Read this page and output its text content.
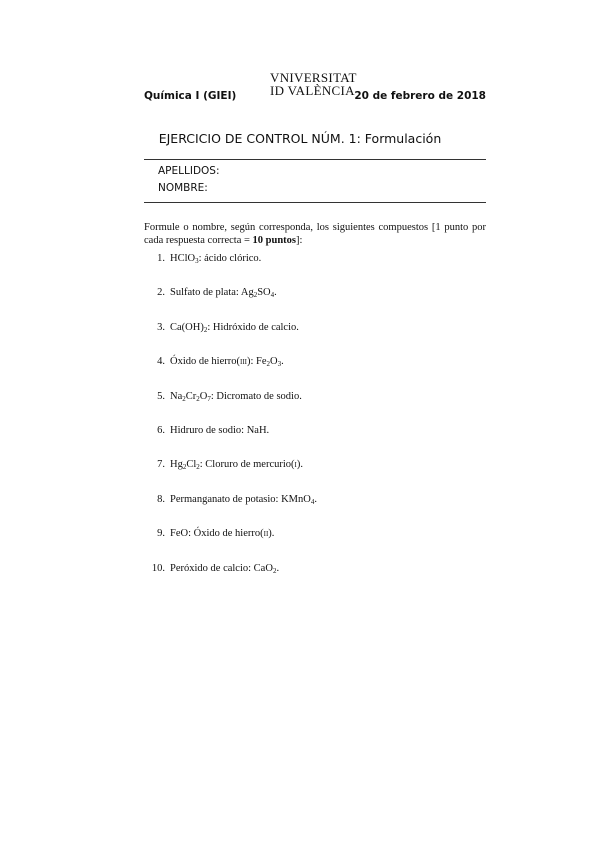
Química I (GIEI)
VNIVERSITAT
ID VALÈNCIA 20 de febrero de 2018
EJERCICIO DE CONTROL NÚM. 1: Formulación
APELLIDOS:
NOMBRE:
Formule o nombre, según corresponda, los siguientes compuestos [1 punto por cada respuesta correcta = 10 puntos]:
1. HClO$_3$: ácido clórico.
2. Sulfato de plata: $Ag_2SO_4$.
3. $Ca(OH)_2$: Hidróxido de calcio.
4. Óxido de hierro(iii): $Fe_2O_3$.
5. $Na_2Cr_2O_7$: Dicromato de sodio.
6. Hidruro de sodio: NaH.
7. $Hg_2Cl_2$: Cloruro de mercurio(i).
8. Permanganato de potasio: KMnO$_4$.
9. FeO: Óxido de hierro(ii).
10. Peróxido de calcio: CaO$_2$.
